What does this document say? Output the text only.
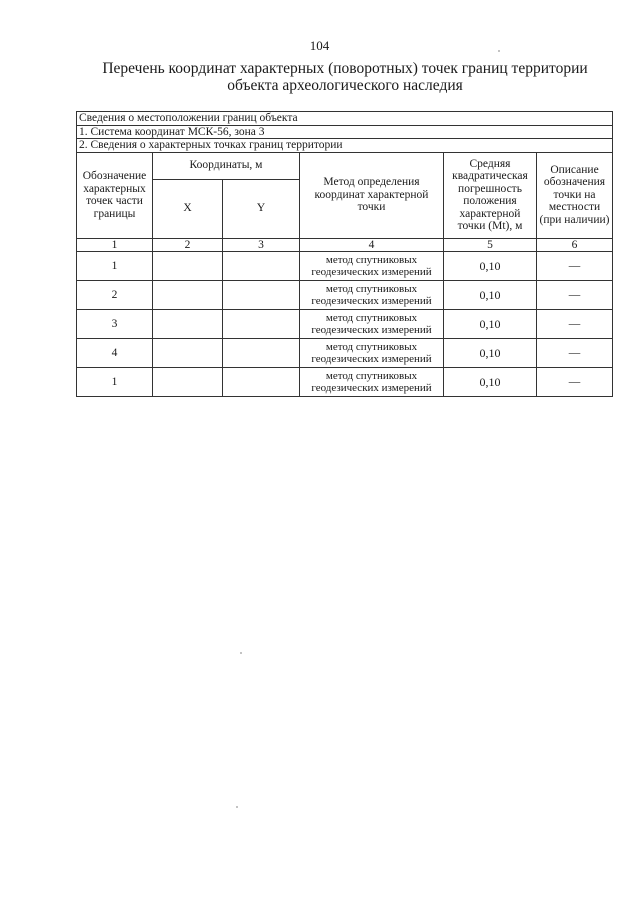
104
Перечень координат характерных (поворотных) точек границ территории
объекта археологического наследия
Сведения о местоположении границ объекта					
1. Система координат МСК-56, зона 3					
2. Сведения о характерных точках границ территории					
Обозначение характерных точек части границы	Координаты, м		Метод определения координат характерной точки	Средняя квадратическая погрешность положения характерной точки (Mt), м	Описание обозначения точки на местности (при наличии)
	X	Y			
1	2	3	4	5	6
1			метод спутниковых геодезических измерений	0,10	—
2			метод спутниковых геодезических измерений	0,10	—
3			метод спутниковых геодезических измерений	0,10	—
4			метод спутниковых геодезических измерений	0,10	—
1			метод спутниковых геодезических измерений	0,10	—
